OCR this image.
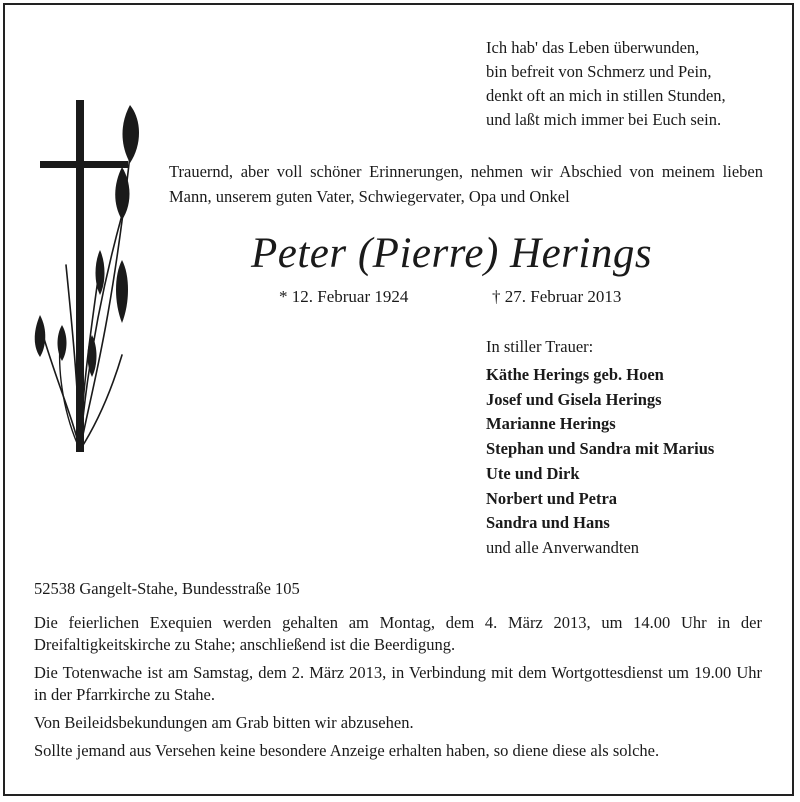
Ich hab' das Leben überwunden,
bin befreit von Schmerz und Pein,
denkt oft an mich in stillen Stunden,
und laßt mich immer bei Euch sein.
Trauernd, aber voll schöner Erinnerungen, nehmen wir Abschied von meinem lieben Mann, unserem guten Vater, Schwiegervater, Opa und Onkel
Peter (Pierre) Herings
* 12. Februar 1924	† 27. Februar 2013
In stiller Trauer:
Käthe Herings geb. Hoen
Josef und Gisela Herings
Marianne Herings
Stephan und Sandra mit Marius
Ute und Dirk
Norbert und Petra
Sandra und Hans
und alle Anverwandten
52538 Gangelt-Stahe, Bundesstraße 105
Die feierlichen Exequien werden gehalten am Montag, dem 4. März 2013, um 14.00 Uhr in der Dreifaltigkeitskirche zu Stahe; anschließend ist die Beerdigung.
Die Totenwache ist am Samstag, dem 2. März 2013, in Verbindung mit dem Wortgottesdienst um 19.00 Uhr in der Pfarrkirche zu Stahe.
Von Beileidsbekundungen am Grab bitten wir abzusehen.
Sollte jemand aus Versehen keine besondere Anzeige erhalten haben, so diene diese als solche.
